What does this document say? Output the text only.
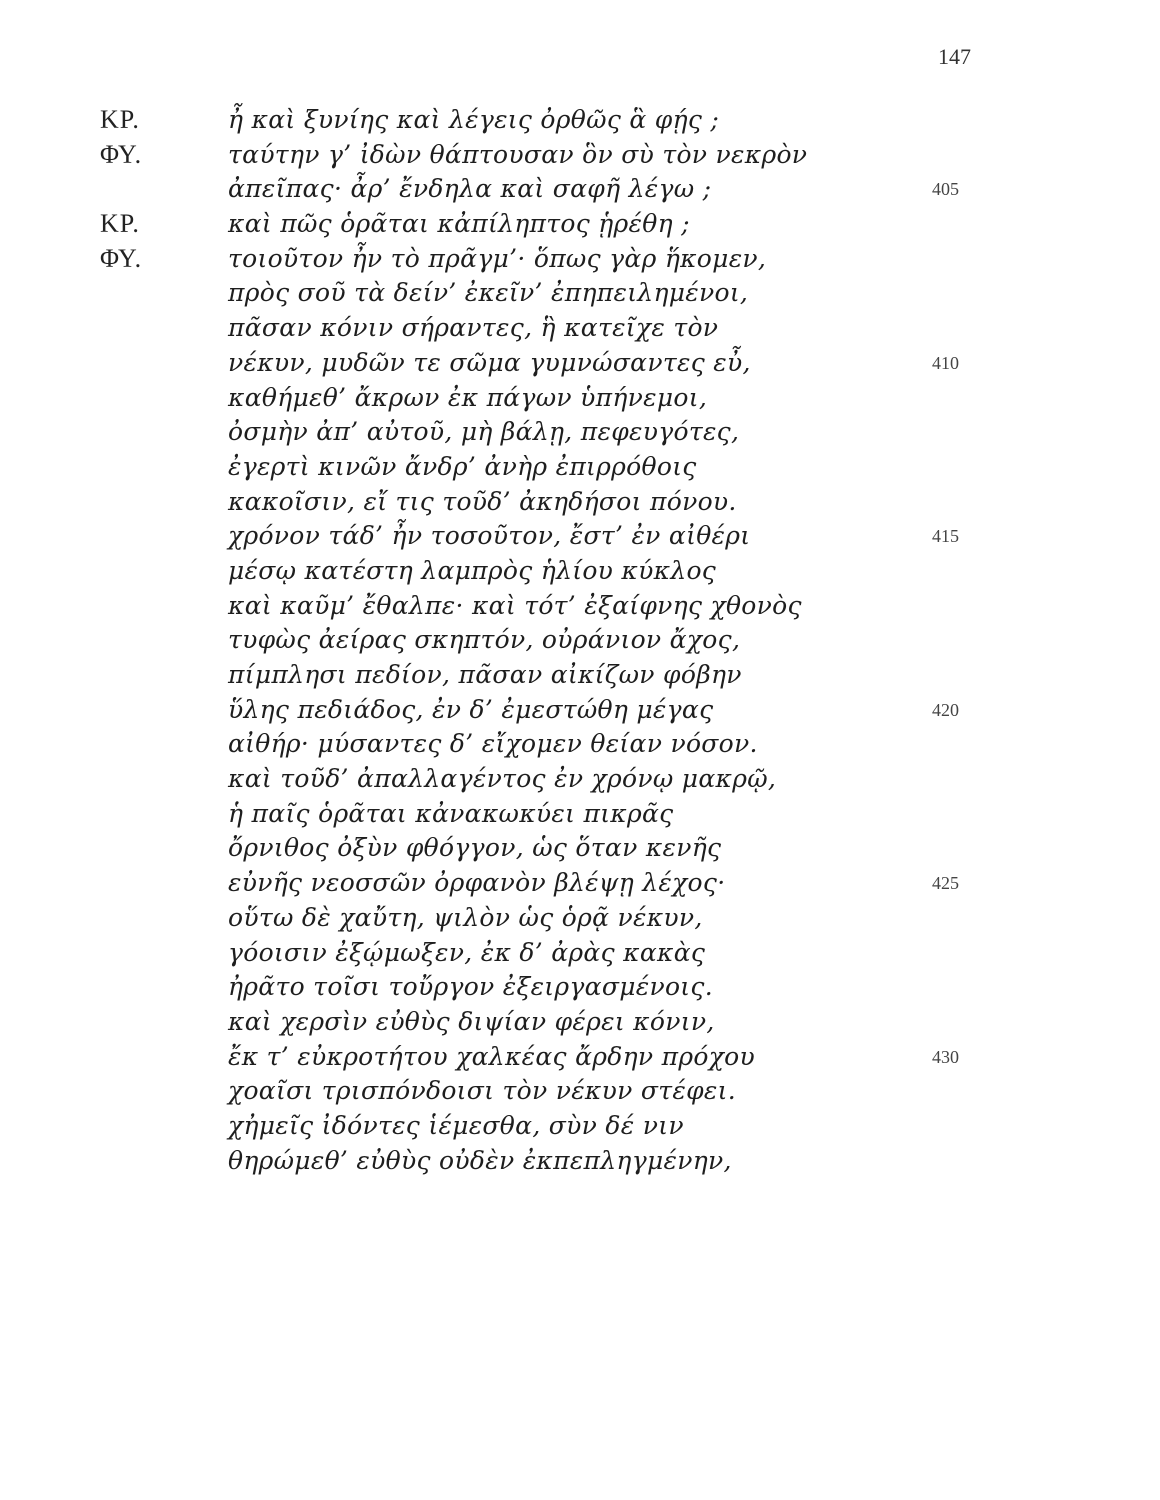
147
ΚΡ.	ἦ καὶ ξυνίης καὶ λέγεις ὀρθῶς ἃ φῄς ;
ΦΥ.	ταύτην γ’ ἰδὼν θάπτουσαν ὃν σὺ τὸν νεκρὸν
ἀπεῖπας· ἆρ’ ἔνδηλα καὶ σαφῆ λέγω ;	405
ΚΡ.	καὶ πῶς ὁρᾶται κἀπίληπτος ᾑρέθη ;
ΦΥ.	τοιοῦτον ἦν τὸ πρᾶγμ’· ὅπως γὰρ ἥκομεν,
πρὸς σοῦ τὰ δείν’ ἐκεῖν’ ἐπηπειλημένοι,
πᾶσαν κόνιν σήραντες, ἣ κατεῖχε τὸν
νέκυν, μυδῶν τε σῶμα γυμνώσαντες εὖ,	410
καθήμεθ’ ἄκρων ἐκ πάγων ὑπήνεμοι,
ὀσμὴν ἀπ’ αὐτοῦ, μὴ βάλῃ, πεφευγότες,
ἐγερτὶ κινῶν ἄνδρ’ ἀνὴρ ἐπιρρόθοις
κακοῖσιν, εἴ τις τοῦδ’ ἀκηδήσοι πόνου.
χρόνον τάδ’ ἦν τοσοῦτον, ἔστ’ ἐν αἰθέρι	415
μέσῳ κατέστη λαμπρὸς ἡλίου κύκλος
καὶ καῦμ’ ἔθαλπε· καὶ τότ’ ἐξαίφνης χθονὸς
τυφὼς ἀείρας σκηπτόν, οὐράνιον ἄχος,
πίμπλησι πεδίον, πᾶσαν αἰκίζων φόβην
ὕλης πεδιάδος, ἐν δ’ ἐμεστώθη μέγας	420
αἰθήρ· μύσαντες δ’ εἴχομεν θείαν νόσον.
καὶ τοῦδ’ ἀπαλλαγέντος ἐν χρόνῳ μακρῷ,
ἡ παῖς ὁρᾶται κἀνακωκύει πικρᾶς
ὄρνιθος ὀξὺν φθόγγον, ὡς ὅταν κενῆς
εὐνῆς νεοσσῶν ὀρφανὸν βλέψῃ λέχος·	425
οὕτω δὲ χαὔτη, ψιλὸν ὡς ὁρᾷ νέκυν,
γόοισιν ἐξῴμωξεν, ἐκ δ’ ἀρὰς κακὰς
ἠρᾶτο τοῖσι τοὔργον ἐξειργασμένοις.
καὶ χερσὶν εὐθὺς διψίαν φέρει κόνιν,
ἔκ τ’ εὐκροτήτου χαλκέας ἄρδην πρόχου	430
χοαῖσι τρισπόνδοισι τὸν νέκυν στέφει.
χἠμεῖς ἰδόντες ἱέμεσθα, σὺν δέ νιν
θηρώμεθ’ εὐθὺς οὐδὲν ἐκπεπληγμένην,
